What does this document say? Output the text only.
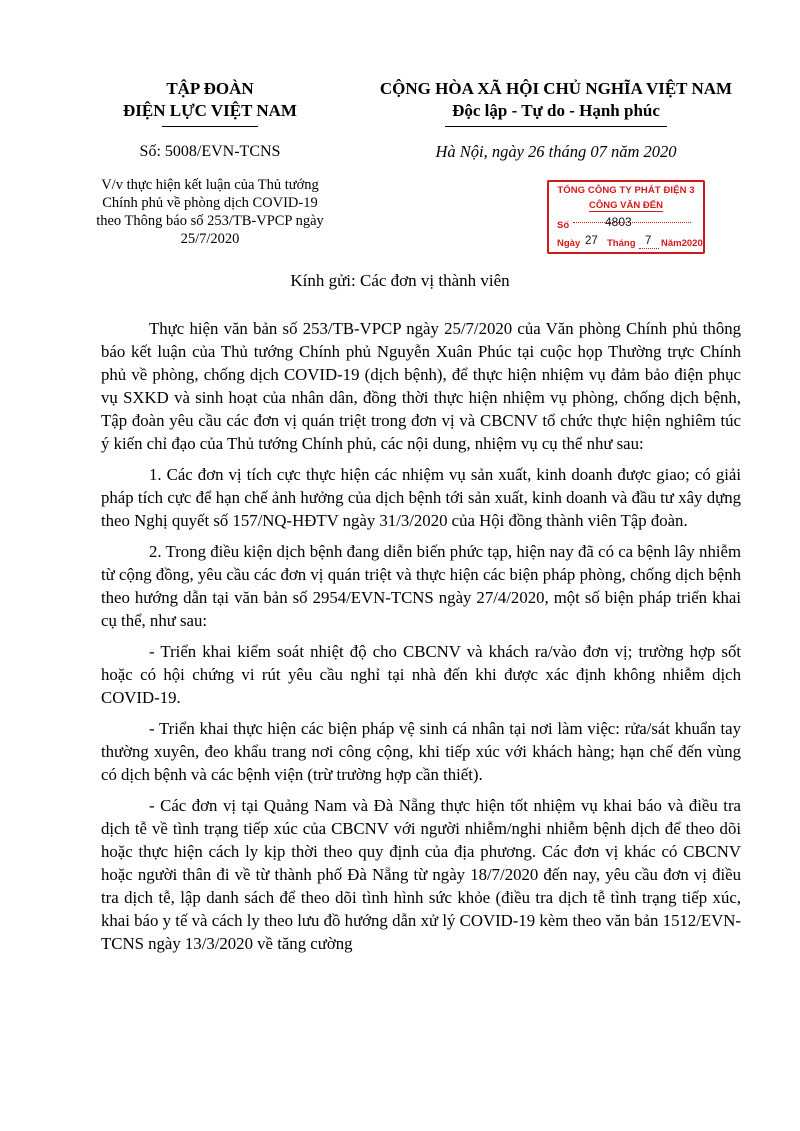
TẬP ĐOÀN
ĐIỆN LỰC VIỆT NAM
CỘNG HÒA XÃ HỘI CHỦ NGHĨA VIỆT NAM
Độc lập - Tự do - Hạnh phúc
Số: 5008/EVN-TCNS	Hà Nội, ngày 26 tháng 07 năm 2020
V/v thực hiện kết luận của Thủ tướng Chính phủ về phòng dịch COVID-19 theo Thông báo số 253/TB-VPCP ngày 25/7/2020
TỔNG CÔNG TY PHÁT ĐIỆN 3
CÔNG VĂN ĐẾN
Số	4803
Ngày 27 Tháng 7 Năm2020
Kính gửi: Các đơn vị thành viên

Thực hiện văn bản số 253/TB-VPCP ngày 25/7/2020 của Văn phòng Chính phủ thông báo kết luận của Thủ tướng Chính phủ Nguyễn Xuân Phúc tại cuộc họp Thường trực Chính phủ về phòng, chống dịch COVID-19 (dịch bệnh), để thực hiện nhiệm vụ đảm bảo điện phục vụ SXKD và sinh hoạt của nhân dân, đồng thời thực hiện nhiệm vụ phòng, chống dịch bệnh, Tập đoàn yêu cầu các đơn vị quán triệt trong đơn vị và CBCNV tổ chức thực hiện nghiêm túc ý kiến chỉ đạo của Thủ tướng Chính phủ, các nội dung, nhiệm vụ cụ thể như sau:

1. Các đơn vị tích cực thực hiện các nhiệm vụ sản xuất, kinh doanh được giao; có giải pháp tích cực để hạn chế ảnh hưởng của dịch bệnh tới sản xuất, kinh doanh và đầu tư xây dựng theo Nghị quyết số 157/NQ-HĐTV ngày 31/3/2020 của Hội đồng thành viên Tập đoàn.

2. Trong điều kiện dịch bệnh đang diễn biến phức tạp, hiện nay đã có ca bệnh lây nhiễm từ cộng đồng, yêu cầu các đơn vị quán triệt và thực hiện các biện pháp phòng, chống dịch bệnh theo hướng dẫn tại văn bản số 2954/EVN-TCNS ngày 27/4/2020, một số biện pháp triển khai cụ thể, như sau:

- Triển khai kiểm soát nhiệt độ cho CBCNV và khách ra/vào đơn vị; trường hợp sốt hoặc có hội chứng vi rút yêu cầu nghỉ tại nhà đến khi được xác định không nhiễm dịch COVID-19.

- Triển khai thực hiện các biện pháp vệ sinh cá nhân tại nơi làm việc: rửa/sát khuẩn tay thường xuyên, đeo khẩu trang nơi công cộng, khi tiếp xúc với khách hàng; hạn chế đến vùng có dịch bệnh và các bệnh viện (trừ trường hợp cần thiết).

- Các đơn vị tại Quảng Nam và Đà Nẵng thực hiện tốt nhiệm vụ khai báo và điều tra dịch tễ về tình trạng tiếp xúc của CBCNV với người nhiễm/nghi nhiễm bệnh dịch để theo dõi hoặc thực hiện cách ly kịp thời theo quy định của địa phương. Các đơn vị khác có CBCNV hoặc người thân đi về từ thành phố Đà Nẵng từ ngày 18/7/2020 đến nay, yêu cầu đơn vị điều tra dịch tễ, lập danh sách để theo dõi tình hình sức khỏe (điều tra dịch tễ tình trạng tiếp xúc, khai báo y tế và cách ly theo lưu đồ hướng dẫn xử lý COVID-19 kèm theo văn bản 1512/EVN-TCNS ngày 13/3/2020 về tăng cường
